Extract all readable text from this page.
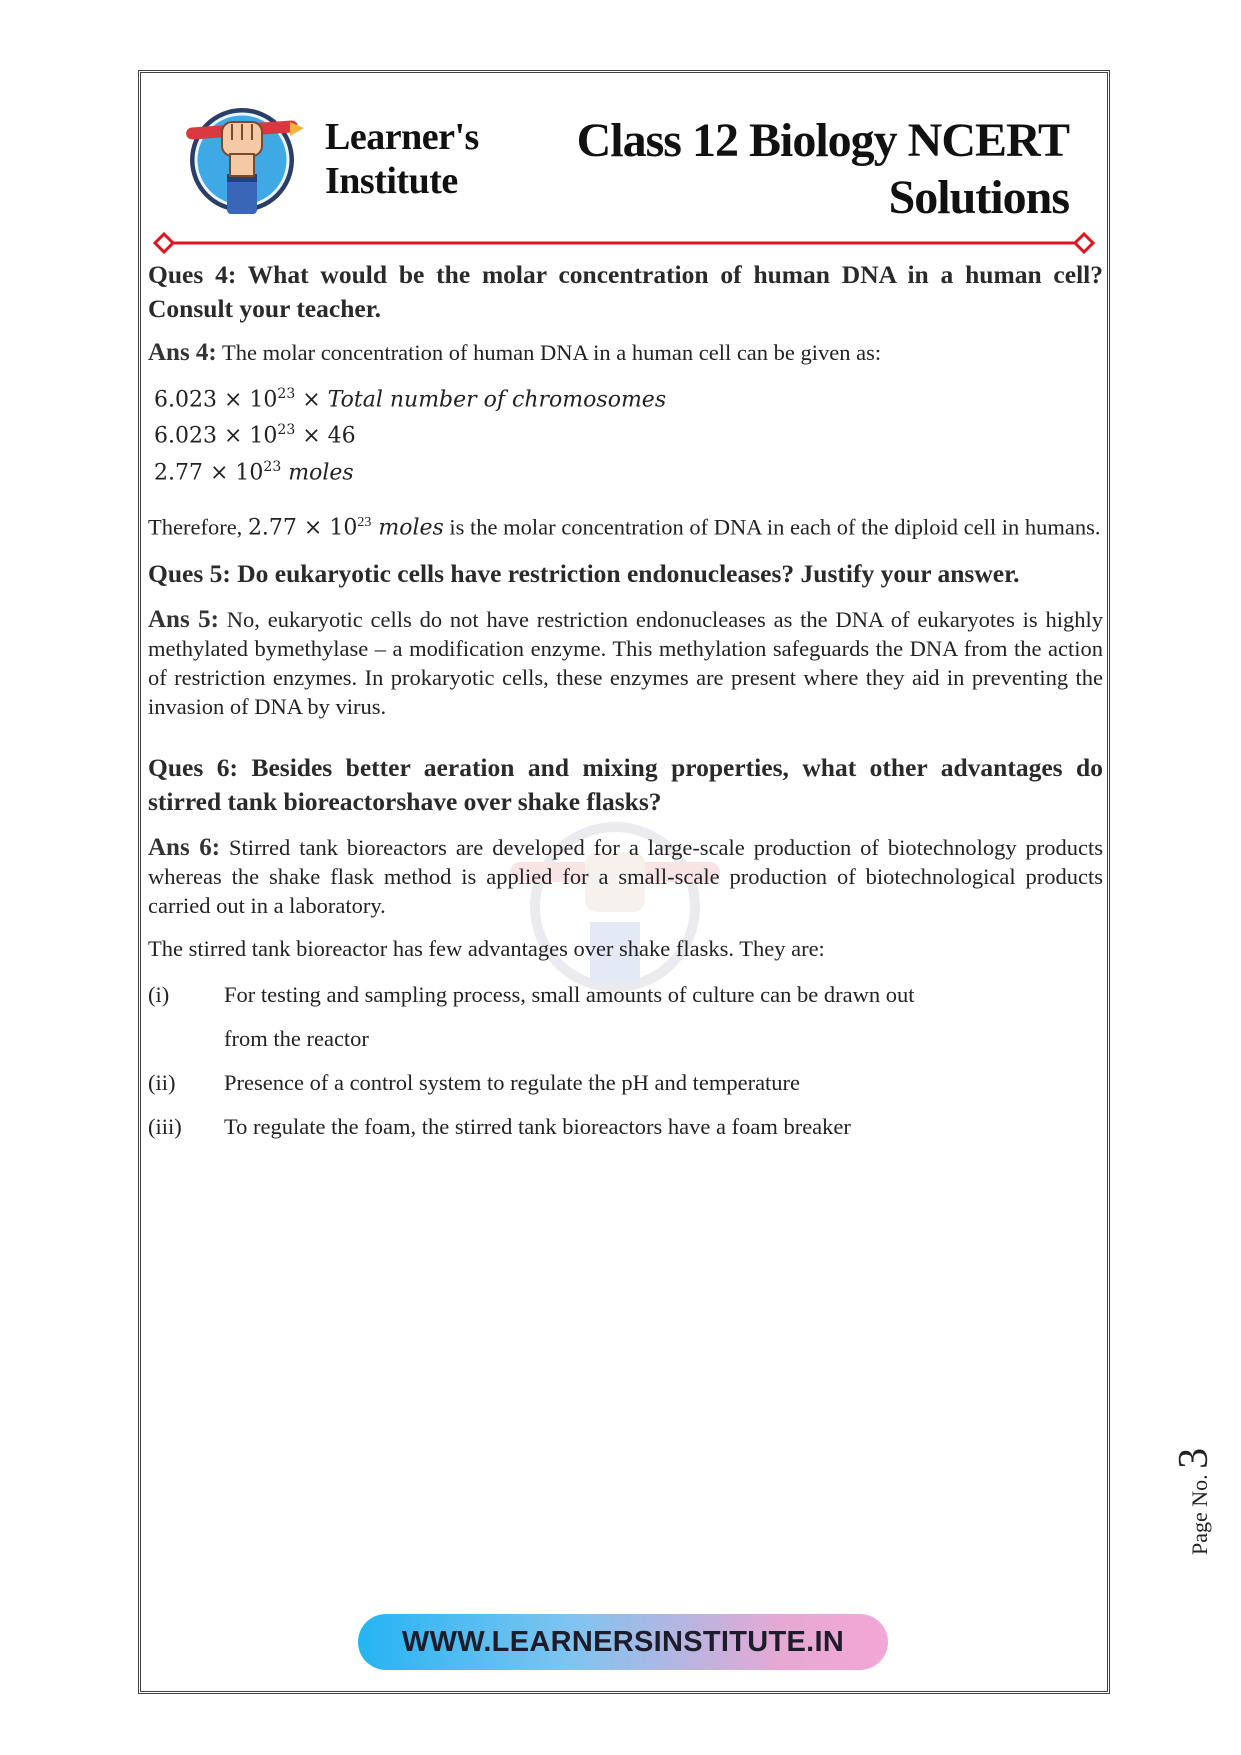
Learner's
Institute
Class 12 Biology NCERT
Solutions
Ques 4: What would be the molar concentration of human DNA in a human cell? Consult your teacher.
Ans 4: The molar concentration of human DNA in a human cell can be given as:
$6.023 \times 10^{23}$ × Total number of chromosomes
$6.023 \times 10^{23} \times 46$
$2.77 \times 10^{23}$ moles
Therefore, $2.77 \times 10^{23}$ moles is the molar concentration of DNA in each of the diploid cell in humans.
Ques 5: Do eukaryotic cells have restriction endonucleases? Justify your answer.
Ans 5: No, eukaryotic cells do not have restriction endonucleases as the DNA of eukaryotes is highly methylated bymethylase – a modification enzyme. This methylation safeguards the DNA from the action of restriction enzymes. In prokaryotic cells, these enzymes are present where they aid in preventing the invasion of DNA by virus.
Ques 6: Besides better aeration and mixing properties, what other advantages do stirred tank bioreactorshave over shake flasks?
Ans 6: Stirred tank bioreactors are developed for a large-scale production of biotechnology products whereas the shake flask method is applied for a small-scale production of biotechnological products carried out in a laboratory.
The stirred tank bioreactor has few advantages over shake flasks. They are:
(i)	For testing and sampling process, small amounts of culture can be drawn out
from the reactor
(ii)	Presence of a control system to regulate the pH and temperature
(iii)	To regulate the foam, the stirred tank bioreactors have a foam breaker
WWW.LEARNERSINSTITUTE.IN
Page No. 3
